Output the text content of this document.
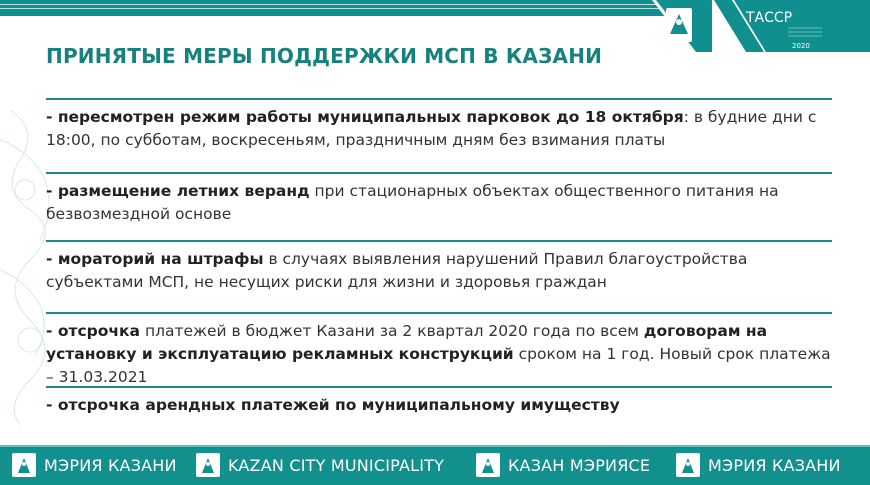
ТАССР
2020
ПРИНЯТЫЕ МЕРЫ ПОДДЕРЖКИ МСП В КАЗАНИ
- пересмотрен режим работы муниципальных парковок до 18 октября: в будние дни с 18:00, по субботам, воскресеньям, праздничным дням без взимания платы
- размещение летних веранд при стационарных объектах общественного питания на безвозмездной основе
- мораторий на штрафы в случаях выявления нарушений Правил благоустройства субъектами МСП, не несущих риски для жизни и здоровья граждан
- отсрочка платежей в бюджет Казани за 2 квартал 2020 года по всем договорам на установку и эксплуатацию рекламных конструкций сроком на 1 год. Новый срок платежа – 31.03.2021
- отсрочка арендных платежей по муниципальному имуществу
МЭРИЯ КАЗАНИ	KAZAN CITY MUNICIPALITY	КАЗАН МЭРИЯСЕ	МЭРИЯ КАЗАНИ
